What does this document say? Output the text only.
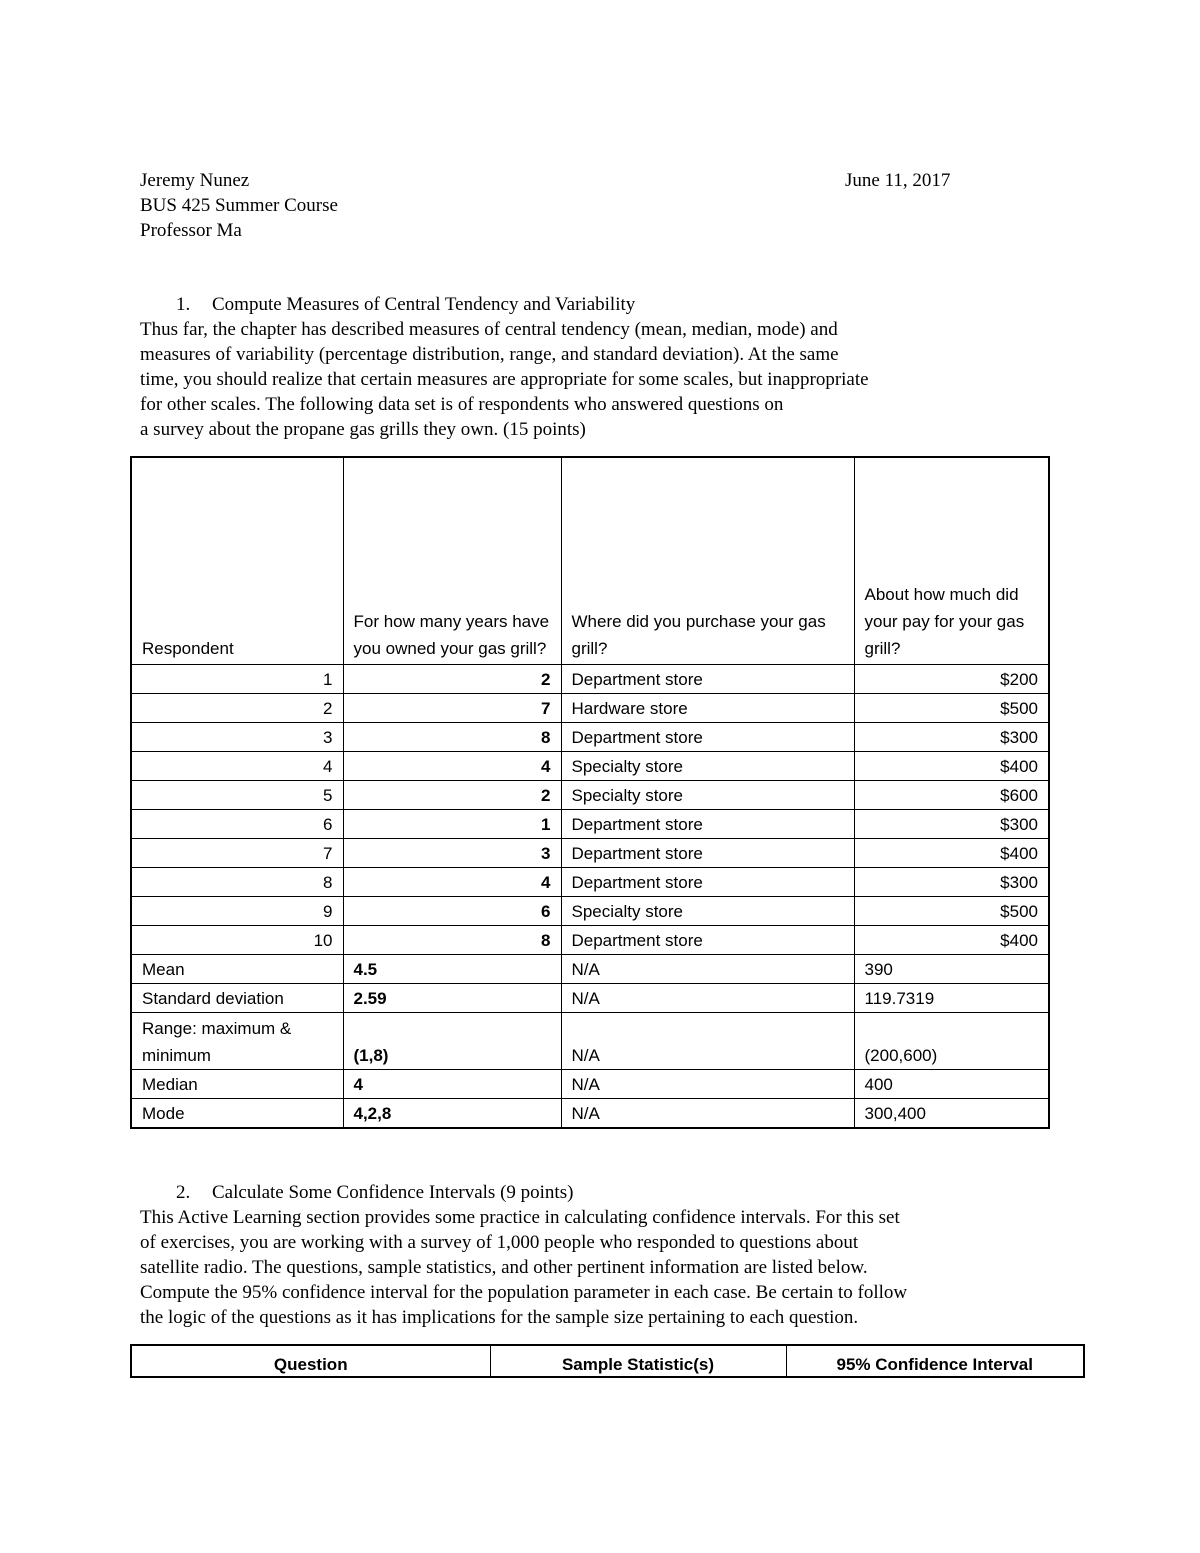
Jeremy Nunez	June 11, 2017
BUS 425 Summer Course
Professor Ma
1. Compute Measures of Central Tendency and Variability
Thus far, the chapter has described measures of central tendency (mean, median, mode) and
measures of variability (percentage distribution, range, and standard deviation). At the same
time, you should realize that certain measures are appropriate for some scales, but inappropriate
for other scales. The following data set is of respondents who answered questions on
a survey about the propane gas grills they own. (15 points)
Respondent	For how many years have you owned your gas grill?	Where did you purchase your gas grill?	About how much did your pay for your gas grill?
1	2	Department store	$200
2	7	Hardware store	$500
3	8	Department store	$300
4	4	Specialty store	$400
5	2	Specialty store	$600
6	1	Department store	$300
7	3	Department store	$400
8	4	Department store	$300
9	6	Specialty store	$500
10	8	Department store	$400
Mean	4.5	N/A	390
Standard deviation	2.59	N/A	119.7319
Range: maximum & minimum	(1,8)	N/A	(200,600)
Median	4	N/A	400
Mode	4,2,8	N/A	300,400
2. Calculate Some Confidence Intervals (9 points)
This Active Learning section provides some practice in calculating confidence intervals. For this set
of exercises, you are working with a survey of 1,000 people who responded to questions about
satellite radio. The questions, sample statistics, and other pertinent information are listed below.
Compute the 95% confidence interval for the population parameter in each case. Be certain to follow
the logic of the questions as it has implications for the sample size pertaining to each question.
Question	Sample Statistic(s)	95% Confidence Interval
